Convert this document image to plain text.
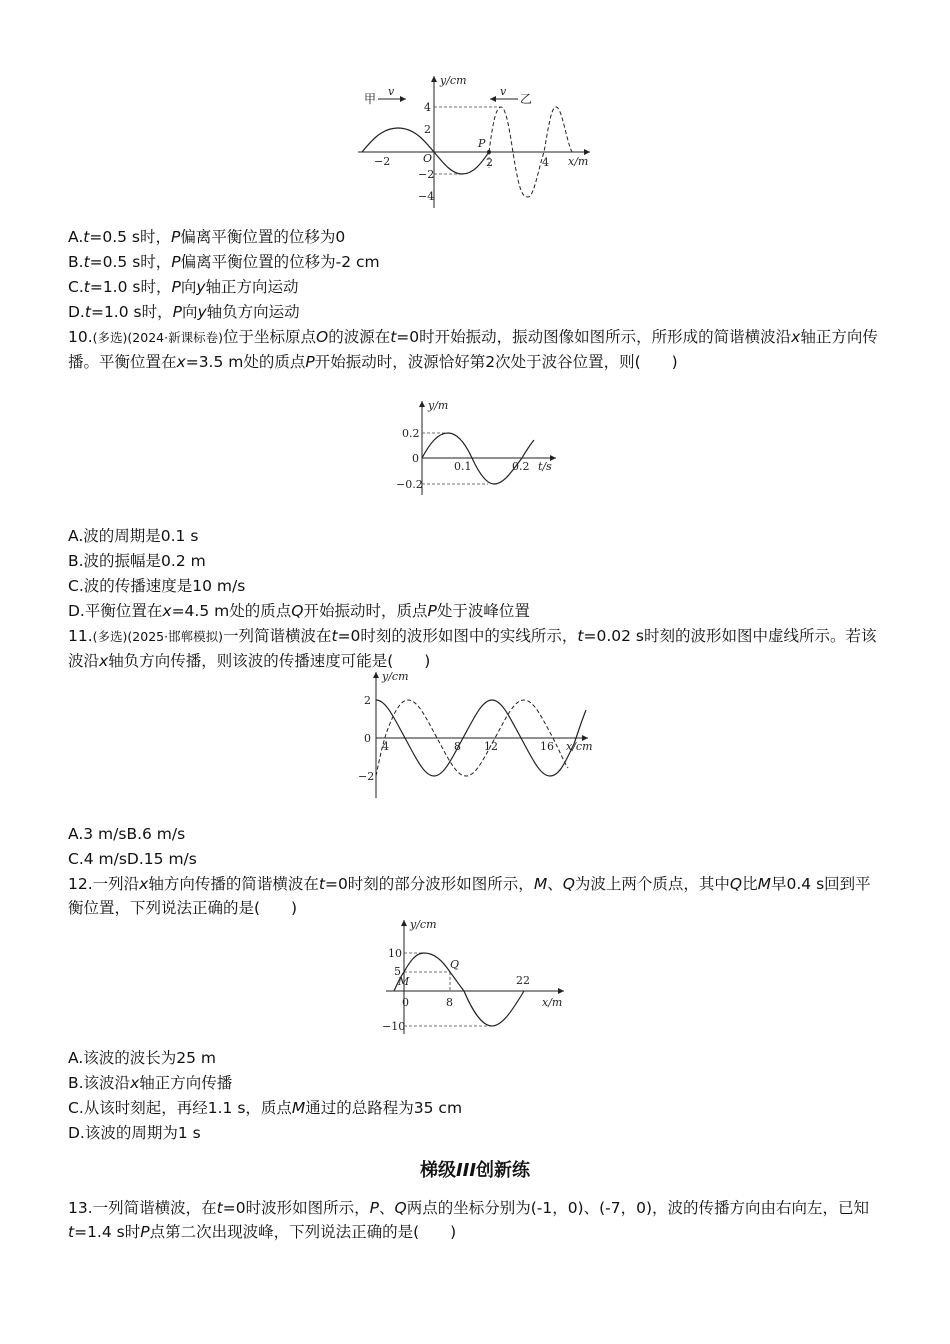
甲
v	v
乙
y/cm
x/m
4
2
−2
−4
−2	O	2	4
P
A.t=0.5 s时，P偏离平衡位置的位移为0
B.t=0.5 s时，P偏离平衡位置的位移为-2 cm
C.t=1.0 s时，P向y轴正方向运动
D.t=1.0 s时，P向y轴负方向运动
10.(多选)(2024·新课标卷)位于坐标原点O的波源在t=0时开始振动，振动图像如图所示，所形成的简谐横波沿x轴正方向传播。平衡位置在x=3.5 m处的质点P开始振动时，波源恰好第2次处于波谷位置，则(　　)
y/m
t/s
0.2
0
−0.2
0.1	0.2
A.波的周期是0.1 s
B.波的振幅是0.2 m
C.波的传播速度是10 m/s
D.平衡位置在x=4.5 m处的质点Q开始振动时，质点P处于波峰位置
11.(多选)(2025·邯郸模拟)一列简谐横波在t=0时刻的波形如图中的实线所示，t=0.02 s时刻的波形如图中虚线所示。若该波沿x轴负方向传播，则该波的传播速度可能是(　　)
y/cm
x/cm
2
0
−2
4	8 12	16
A.3 m/sB.6 m/s
C.4 m/sD.15 m/s
12.一列沿x轴方向传播的简谐横波在t=0时刻的部分波形如图所示，M、Q为波上两个质点，其中Q比M早0.4 s回到平衡位置，下列说法正确的是(　　)
y/cm
x/m
10
5
−10
0	8
22
M
Q
A.该波的波长为25 m
B.该波沿x轴正方向传播
C.从该时刻起，再经1.1 s，质点M通过的总路程为35 cm
D.该波的周期为1 s
梯级III创新练
13.一列简谐横波，在t=0时波形如图所示，P、Q两点的坐标分别为(-1，0)、(-7，0)，波的传播方向由右向左，已知t=1.4 s时P点第二次出现波峰，下列说法正确的是(　　)
